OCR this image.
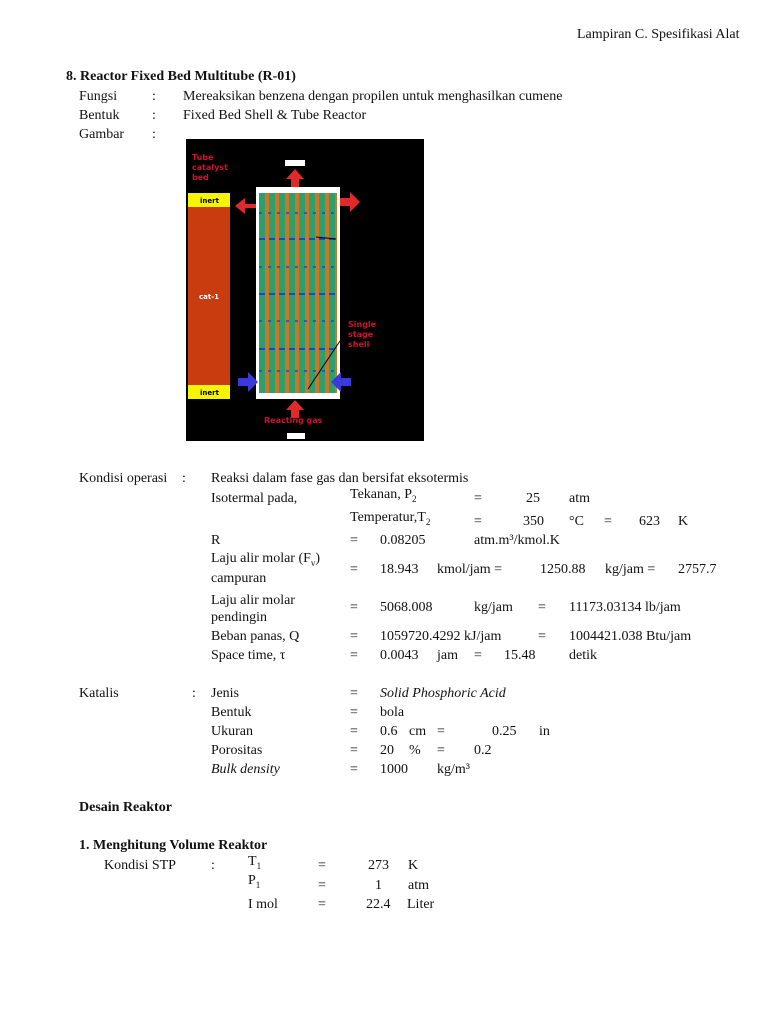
Lampiran C. Spesifikasi Alat
8. Reactor Fixed Bed Multitube (R-01)
Fungsi : Mereaksikan benzena dengan propilen untuk menghasilkan cumene
Bentuk : Fixed Bed Shell & Tube Reactor
Gambar :
Tube
catalyst
bed
inert
cat-1
inert
Single
stage
shell
Reacting gas
Kondisi operasi : Reaksi dalam fase gas dan bersifat eksotermis
Isotermal pada,	Tekanan, $P_2$	=	25 atm
$Temperatur,T_2$	=	350 °C = 623 K
R	= 0.08205	atm.m³/kmol.K
Laju alir molar $(F_v)$
campuran
= 18.943 kmol/jam =	1250.88 kg/jam = 2757.7
Laju alir molar
pendingin
= 5068.008	kg/jam = 11173.03134 lb/jam
Beban panas, Q	= 1059720.4292 kJ/jam	= 1004421.038 Btu/jam
Space time, τ	= 0.0043 jam = 15.48 detik
Katalis	: Jenis	= Solid Phosphoric Acid
Bentuk	= bola
Ukuran	= 0.6 cm =	0.25 in
Porositas	= 20 % = 0.2
Bulk density	= 1000 kg/m³
Desain Reaktor
1. Menghitung Volume Reaktor
Kondisi STP	: $T_1$	=	273 K
$P_1$	=	1 atm
I mol	=	22.4 Liter
